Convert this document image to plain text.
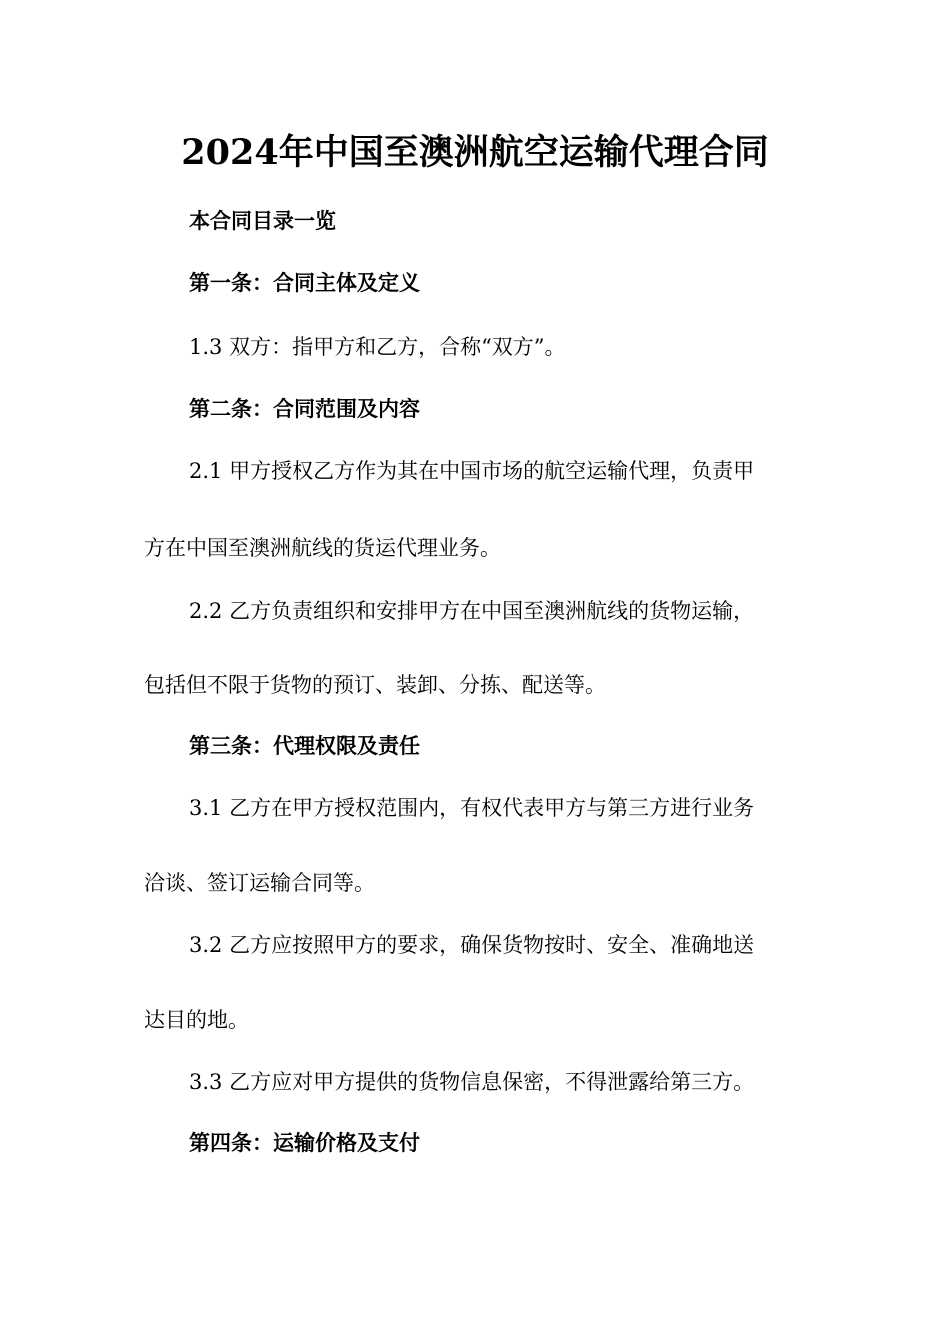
2024年中国至澳洲航空运输代理合同
本合同目录一览
第一条：合同主体及定义
1.3 双方：指甲方和乙方，合称“双方”。
第二条：合同范围及内容
2.1 甲方授权乙方作为其在中国市场的航空运输代理，负责甲
方在中国至澳洲航线的货运代理业务。
2.2 乙方负责组织和安排甲方在中国至澳洲航线的货物运输，
包括但不限于货物的预订、装卸、分拣、配送等。
第三条：代理权限及责任
3.1 乙方在甲方授权范围内，有权代表甲方与第三方进行业务
洽谈、签订运输合同等。
3.2 乙方应按照甲方的要求，确保货物按时、安全、准确地送
达目的地。
3.3 乙方应对甲方提供的货物信息保密，不得泄露给第三方。
第四条：运输价格及支付
